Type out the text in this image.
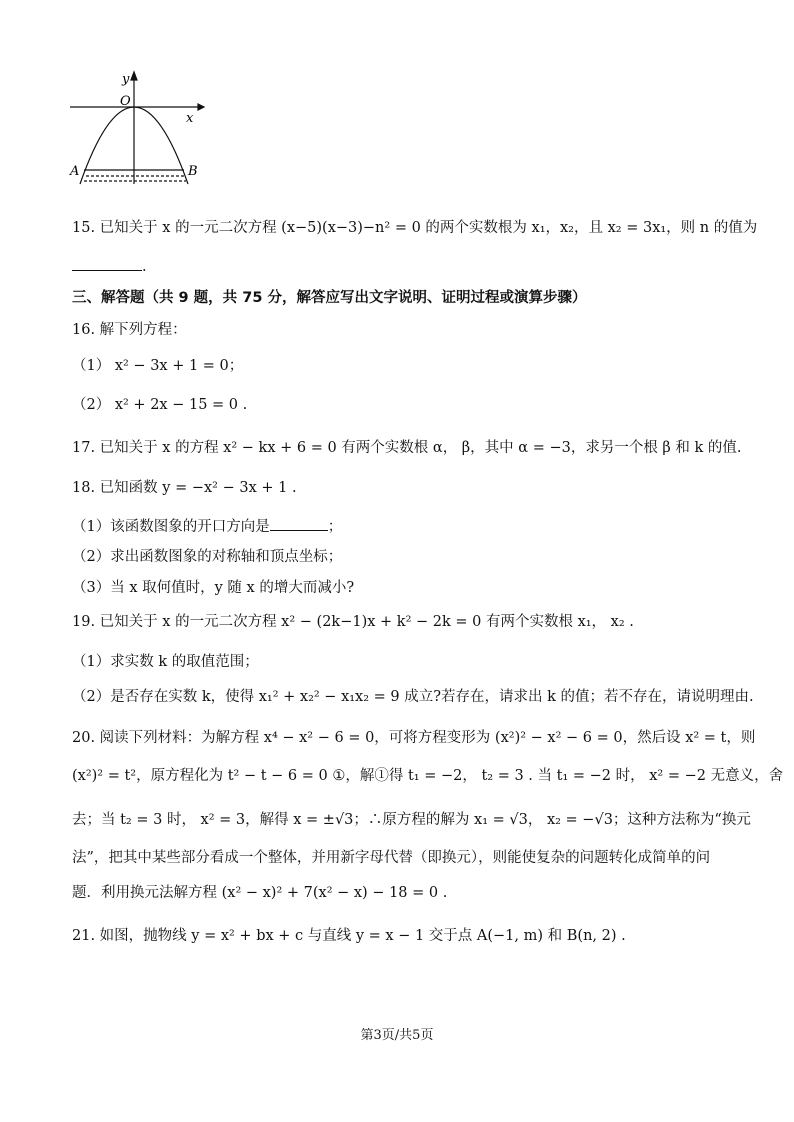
y
x
O
A	B
15. 已知关于 x 的一元二次方程 (x−5)(x−3)−n² = 0 的两个实数根为 x₁，x₂，且 x₂ = 3x₁，则 n 的值为
.
三、解答题（共 9 题，共 75 分，解答应写出文字说明、证明过程或演算步骤）
16. 解下列方程：
（1） x² − 3x + 1 = 0；
（2） x² + 2x − 15 = 0 .
17. 已知关于 x 的方程 x² − kx + 6 = 0 有两个实数根 α， β，其中 α = −3，求另一个根 β 和 k 的值.
18. 已知函数 y = −x² − 3x + 1 .
（1）该函数图象的开口方向是	；
（2）求出函数图象的对称轴和顶点坐标；
（3）当 x 取何值时，y 随 x 的增大而减小?
19. 已知关于 x 的一元二次方程 x² − (2k−1)x + k² − 2k = 0 有两个实数根 x₁， x₂ .
（1）求实数 k 的取值范围；
（2）是否存在实数 k，使得 x₁² + x₂² − x₁x₂ = 9 成立?若存在，请求出 k 的值；若不存在，请说明理由.
20. 阅读下列材料：为解方程 x⁴ − x² − 6 = 0，可将方程变形为 (x²)² − x² − 6 = 0，然后设 x² = t，则
(x²)² = t²，原方程化为 t² − t − 6 = 0 ①，解①得 t₁ = −2， t₂ = 3 . 当 t₁ = −2 时， x² = −2 无意义，舍
去；当 t₂ = 3 时， x² = 3，解得 x = ±√3；∴原方程的解为 x₁ = √3， x₂ = −√3；这种方法称为“换元
法”，把其中某些部分看成一个整体，并用新字母代替（即换元），则能使复杂的问题转化成简单的问
题．利用换元法解方程 (x² − x)² + 7(x² − x) − 18 = 0 .
21. 如图，抛物线 y = x² + bx + c 与直线 y = x − 1 交于点 A(−1, m) 和 B(n, 2) .
第3页/共5页
